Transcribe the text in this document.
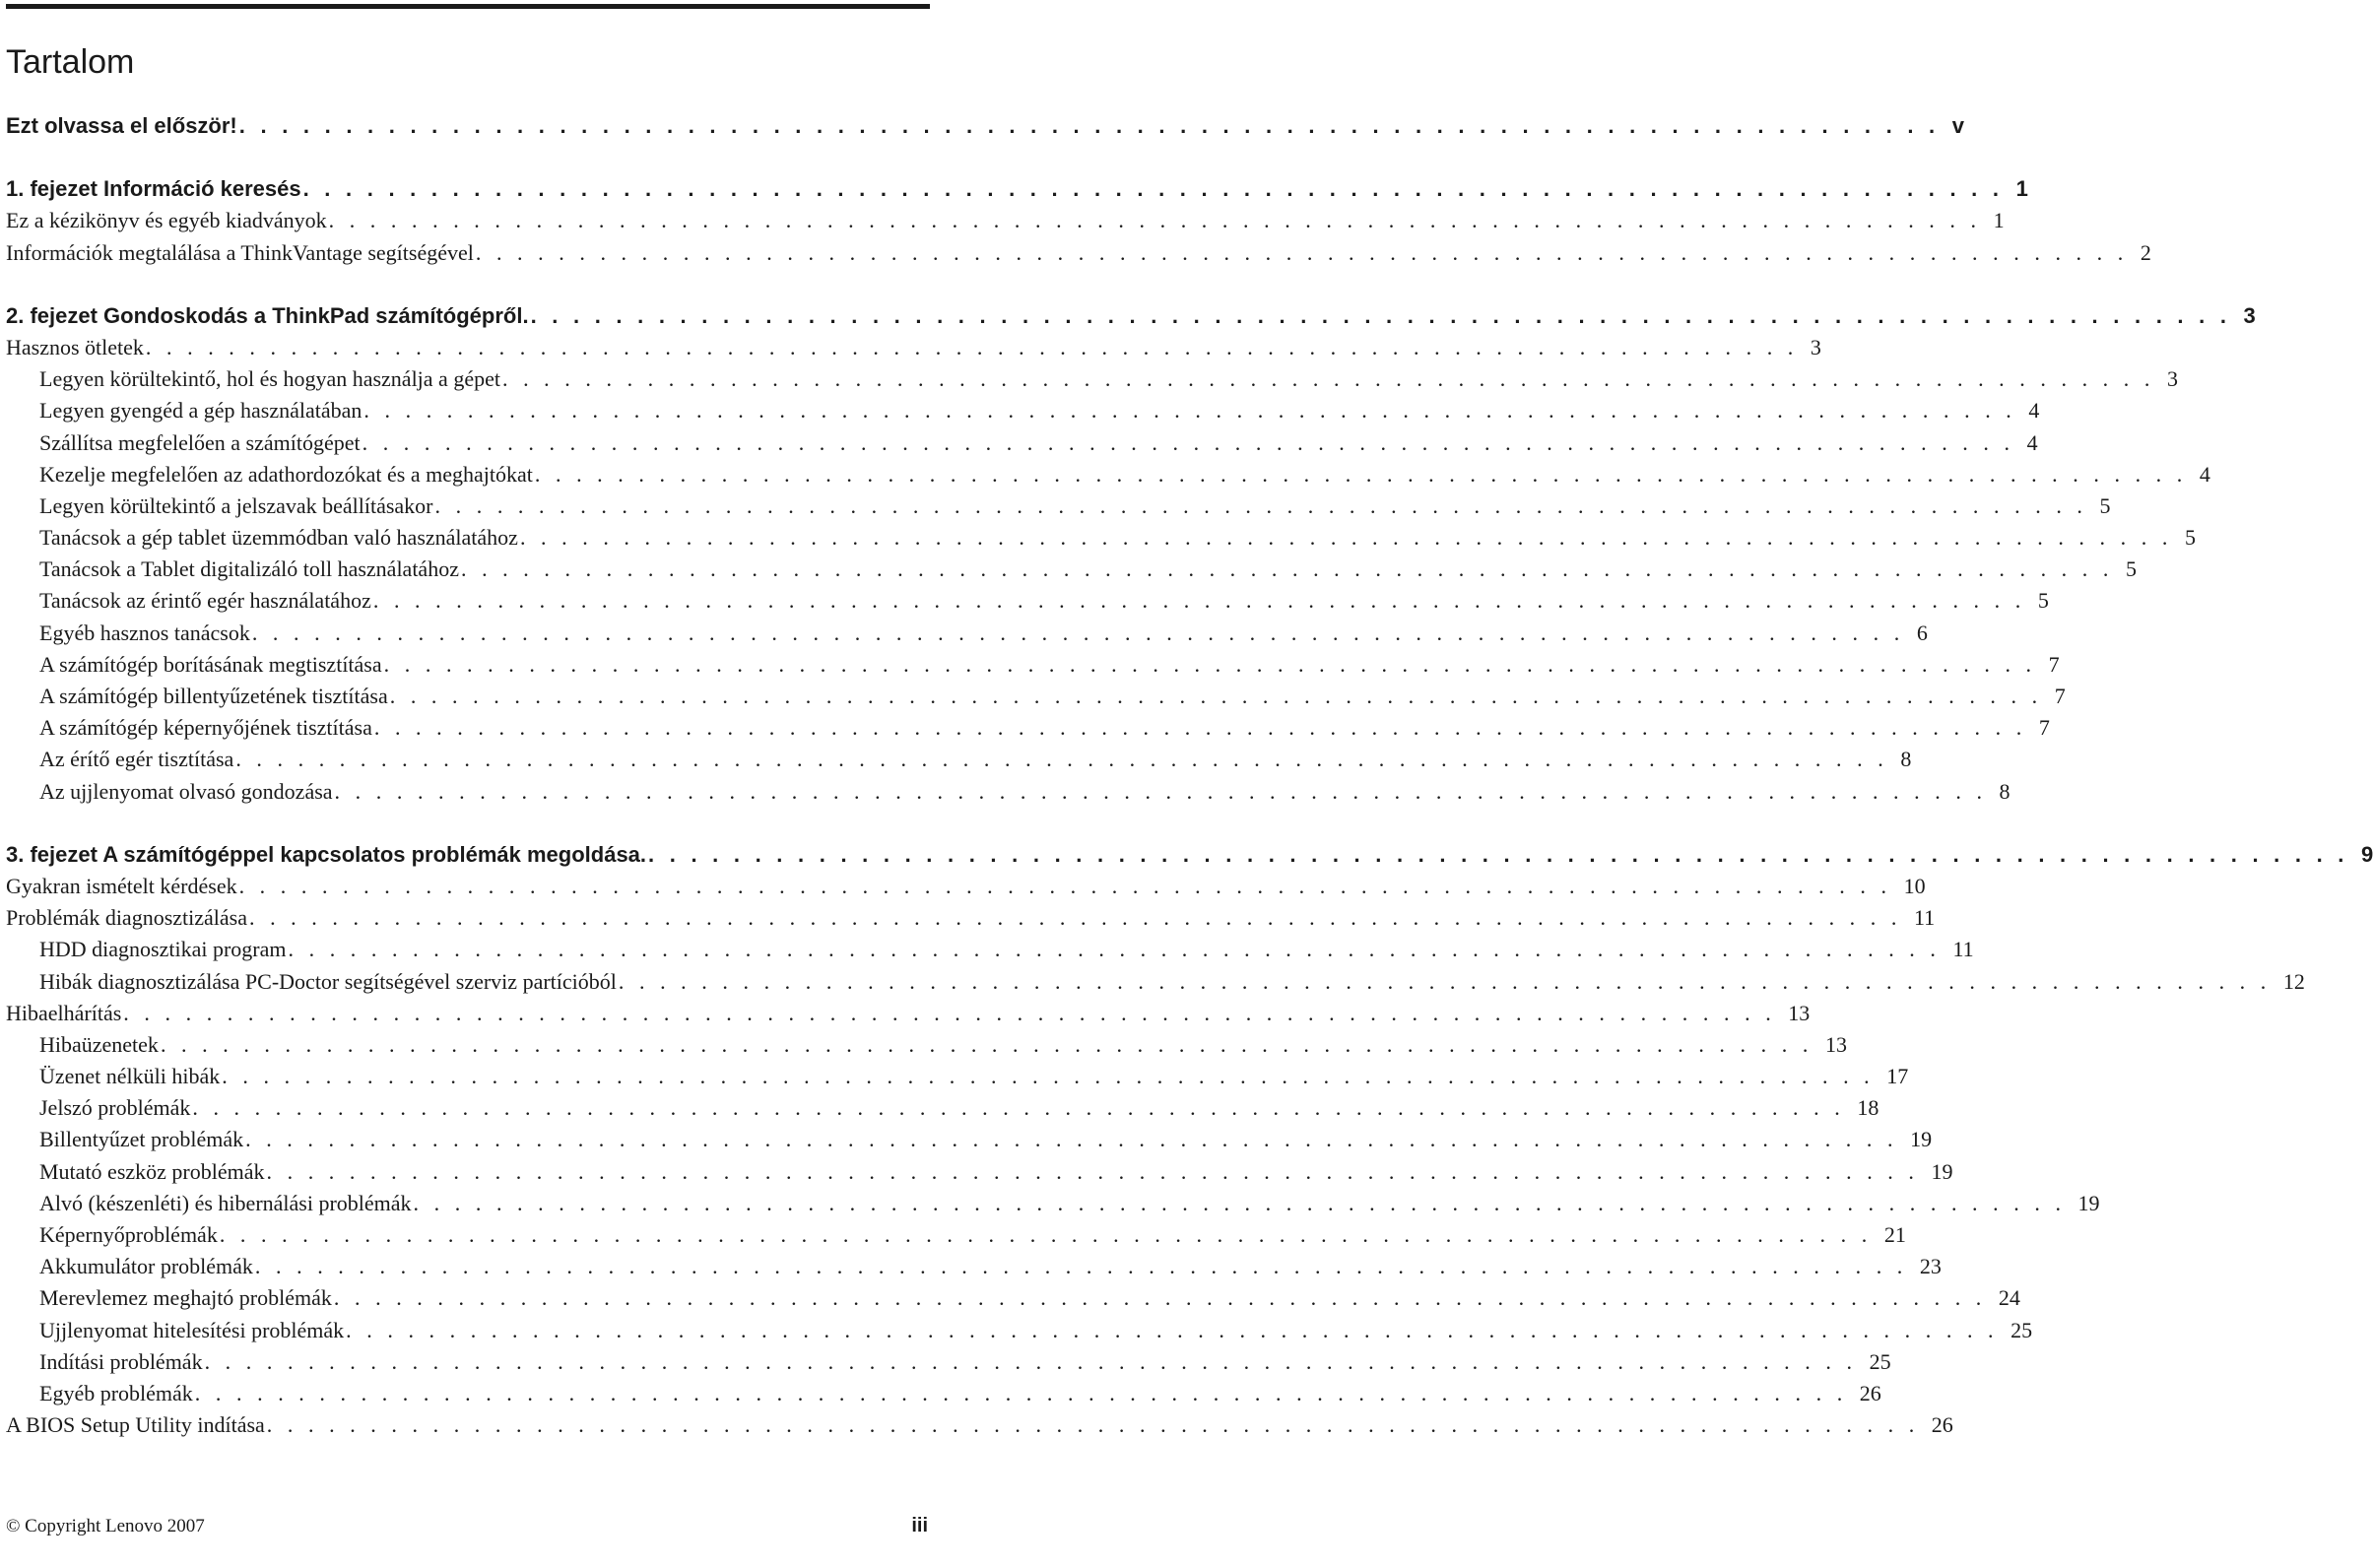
Tartalom
Ezt olvassa el először! ................................................................................ v
1. fejezet Információ keresés ................................................................................ 1
Ez a kézikönyv és egyéb kiadványok ................................................................................ 1
Információk megtalálása a ThinkVantage segítségével ................................................................................ 2
2. fejezet Gondoskodás a ThinkPad számítógépről. ................................................................................ 3
Hasznos ötletek ................................................................................ 3
Legyen körültekintő, hol és hogyan használja a gépet ................................................................................ 3
Legyen gyengéd a gép használatában ................................................................................ 4
Szállítsa megfelelően a számítógépet ................................................................................ 4
Kezelje megfelelően az adathordozókat és a meghajtókat ................................................................................ 4
Legyen körültekintő a jelszavak beállításakor ................................................................................ 5
Tanácsok a gép tablet üzemmódban való használatához ................................................................................ 5
Tanácsok a Tablet digitalizáló toll használatához ................................................................................ 5
Tanácsok az érintő egér használatához ................................................................................ 5
Egyéb hasznos tanácsok ................................................................................ 6
A számítógép borításának megtisztítása ................................................................................ 7
A számítógép billentyűzetének tisztítása ................................................................................ 7
A számítógép képernyőjének tisztítása ................................................................................ 7
Az érítő egér tisztítása ................................................................................ 8
Az ujjlenyomat olvasó gondozása ................................................................................ 8
3. fejezet A számítógéppel kapcsolatos problémák megoldása. ................................................................................ 9
Gyakran ismételt kérdések ................................................................................ 10
Problémák diagnosztizálása ................................................................................ 11
HDD diagnosztikai program ................................................................................ 11
Hibák diagnosztizálása PC-Doctor segítségével szerviz partícióból ................................................................................ 12
Hibaelhárítás ................................................................................ 13
Hibaüzenetek ................................................................................ 13
Üzenet nélküli hibák ................................................................................ 17
Jelszó problémák ................................................................................ 18
Billentyűzet problémák ................................................................................ 19
Mutató eszköz problémák ................................................................................ 19
Alvó (készenléti) és hibernálási problémák ................................................................................ 19
Képernyőproblémák ................................................................................ 21
Akkumulátor problémák ................................................................................ 23
Merevlemez meghajtó problémák ................................................................................ 24
Ujjlenyomat hitelesítési problémák ................................................................................ 25
Indítási problémák ................................................................................ 25
Egyéb problémák ................................................................................ 26
A BIOS Setup Utility indítása ................................................................................ 26
© Copyright Lenovo 2007	iii
